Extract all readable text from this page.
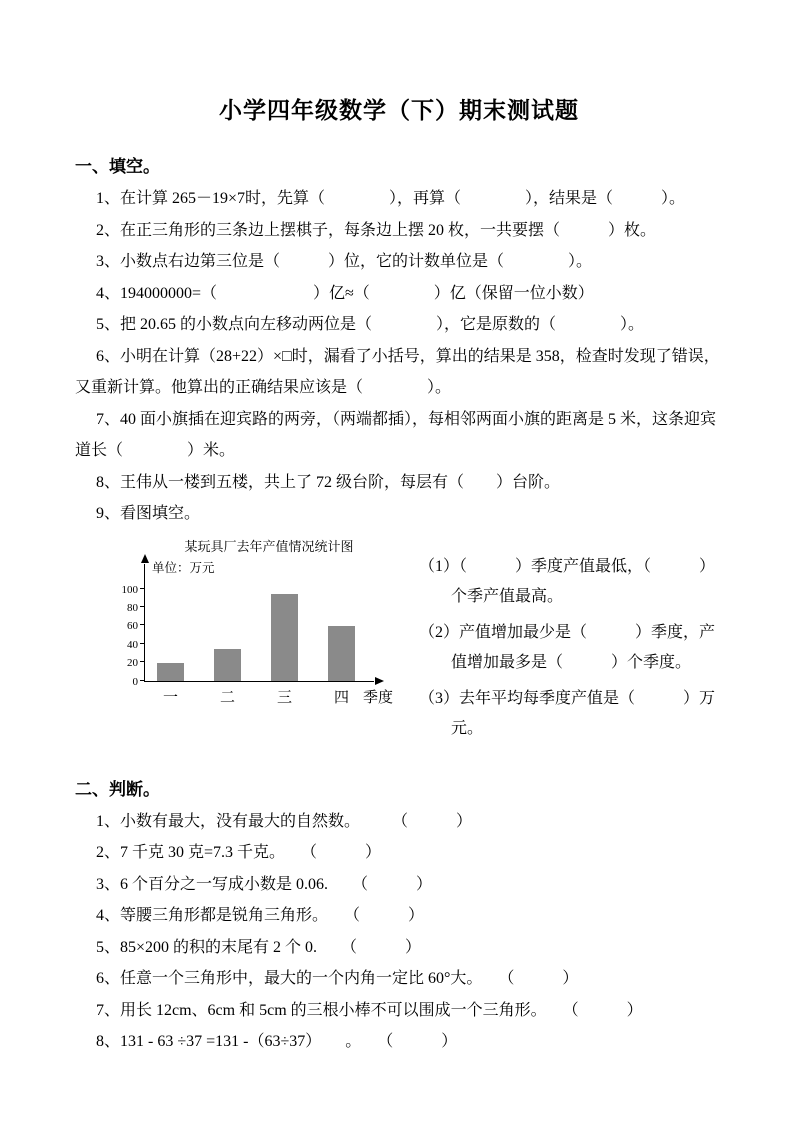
小学四年级数学（下）期末测试题
一、填空。
1、在计算 265－19×7时，先算（　　　　），再算（　　　　），结果是（　　　）。
2、在正三角形的三条边上摆棋子，每条边上摆 20 枚，一共要摆（　　　）枚。
3、小数点右边第三位是（　　　）位，它的计数单位是（　　　　）。
4、194000000=（　　　　　　）亿≈（　　　　）亿（保留一位小数）
5、把 20.65 的小数点向左移动两位是（　　　　），它是原数的（　　　　）。
6、小明在计算（28+22）×□时，漏看了小括号，算出的结果是 358，检查时发现了错误，又重新计算。他算出的正确结果应该是（　　　　）。
7、40 面小旗插在迎宾路的两旁，（两端都插），每相邻两面小旗的距离是 5 米，这条迎宾道长（　　　　）米。
8、王伟从一楼到五楼，共上了 72 级台阶，每层有（　　）台阶。
9、看图填空。
某玩具厂去年产值情况统计图
0
20
40
60
80
100
单位：万元
一	二	三	四 季度
（1）（　　　）季度产值最低，（　　　）个季产值最高。
（2）产值增加最少是（　　　）季度，产值增加最多是（　　　）个季度。
（3）去年平均每季度产值是（　　　）万元。
二、判断。
1、小数有最大，没有最大的自然数。　　　（　　　）
2、7 千克 30 克=7.3 千克。　　（　　　）
3、6 个百分之一写成小数是 0.06.　　（　　　）
4、等腰三角形都是锐角三角形。　　（　　　）
5、85×200 的积的末尾有 2 个 0.　　（　　　）
6、任意一个三角形中，最大的一个内角一定比 60°大。　　（　　　）
7、用长 12cm、6cm 和 5cm 的三根小棒不可以围成一个三角形。　　（　　　）
8、131 - 63 ÷37 =131 -（63÷37）　　。　　（　　　）
